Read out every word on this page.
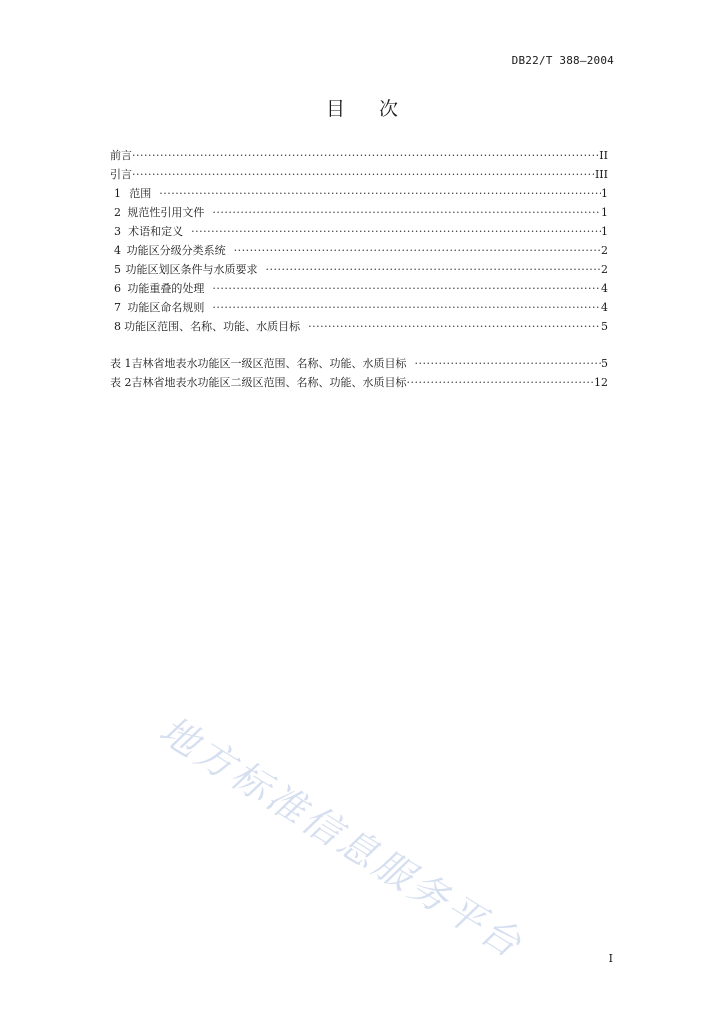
DB22/T 388—2004
目 次
前言 ·····	II
引言 ·····	III
1 范围 ·····	1
2 规范性引用文件 ·····	1
3 术语和定义 ·····	1
4 功能区分级分类系统 ·····	2
5 功能区划区条件与水质要求 ·····	2
6 功能重叠的处理 ·····	4
7 功能区命名规则 ·····	4
8 功能区范围、名称、功能、水质目标 ·····	5
表 1 吉林省地表水功能区一级区范围、名称、功能、水质目标 ·····	5
表 2 吉林省地表水功能区二级区范围、名称、功能、水质目标 ·····	12
地方标准信息服务平台	I
